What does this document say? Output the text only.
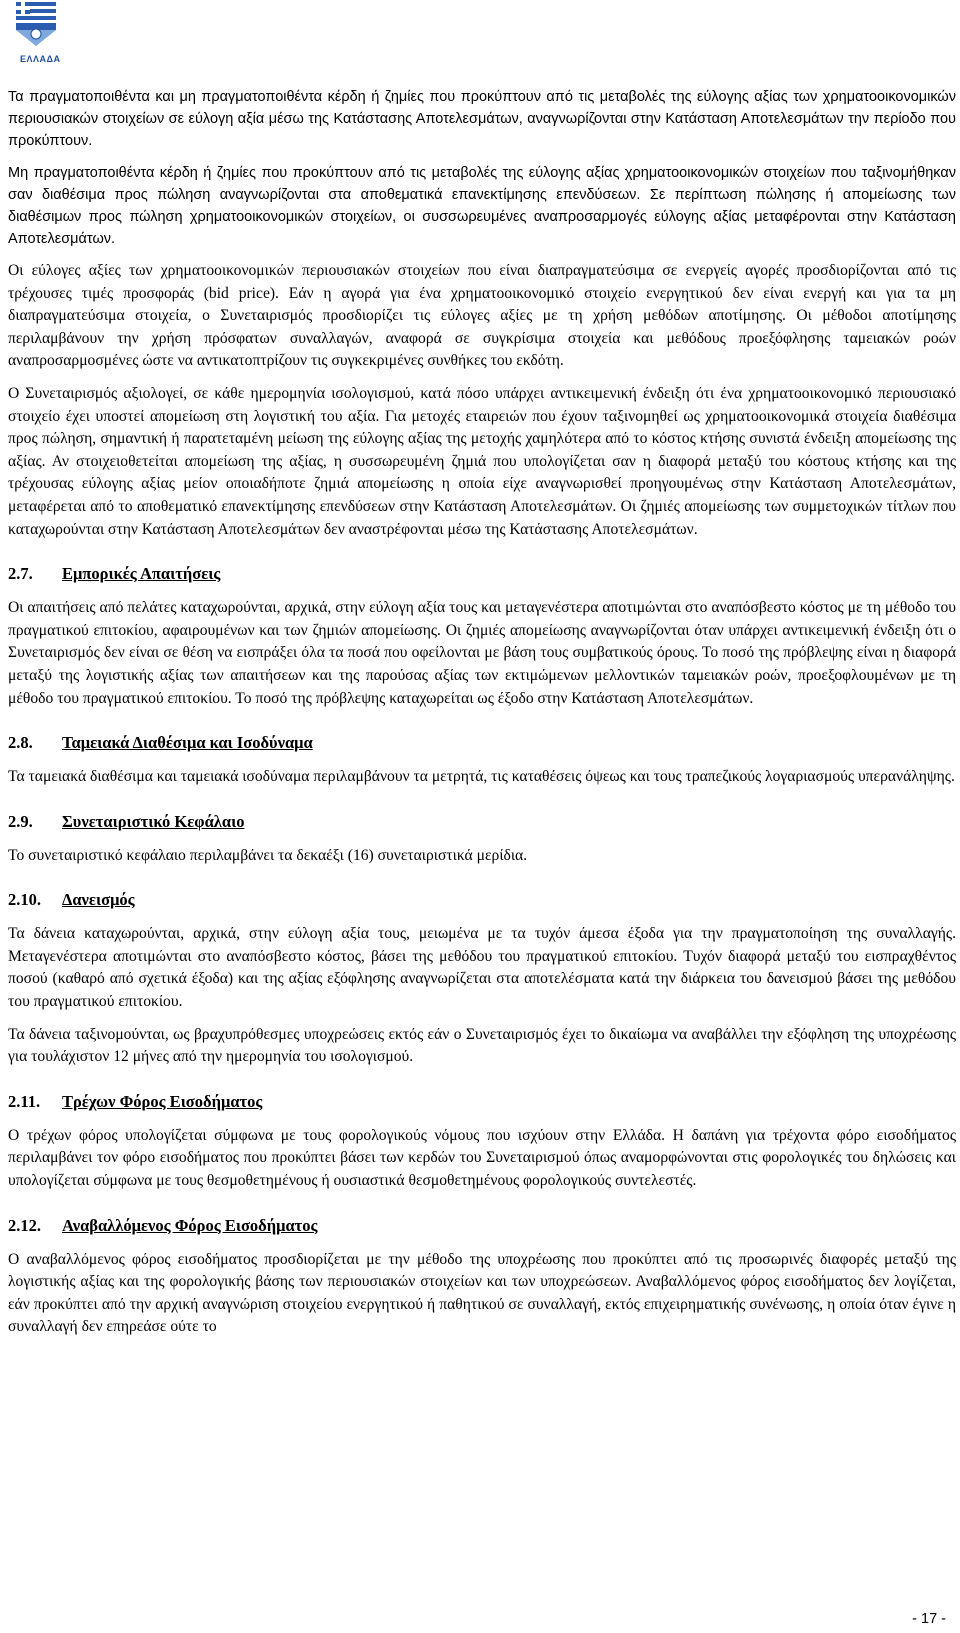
ΕΛΛΑΔΑ

Τα πραγματοποιθέντα και μη πραγματοποιθέντα κέρδη ή ζημίες που προκύπτουν από τις μεταβολές της εύλογης αξίας των χρηματοοικονομικών περιουσιακών στοιχείων σε εύλογη αξία μέσω της Κατάστασης Αποτελεσμάτων, αναγνωρίζονται στην Κατάσταση Αποτελεσμάτων την περίοδο που προκύπτουν.

Μη πραγματοποιθέντα κέρδη ή ζημίες που προκύπτουν από τις μεταβολές της εύλογης αξίας χρηματοοικονομικών στοιχείων που ταξινομήθηκαν σαν διαθέσιμα προς πώληση αναγνωρίζονται στα αποθεματικά επανεκτίμησης επενδύσεων. Σε περίπτωση πώλησης ή απομείωσης των διαθέσιμων προς πώληση χρηματοοικονομικών στοιχείων, οι συσσωρευμένες αναπροσαρμογές εύλογης αξίας μεταφέρονται στην Κατάσταση Αποτελεσμάτων.

Οι εύλογες αξίες των χρηματοοικονομικών περιουσιακών στοιχείων που είναι διαπραγματεύσιμα σε ενεργείς αγορές προσδιορίζονται από τις τρέχουσες τιμές προσφοράς (bid price). Εάν η αγορά για ένα χρηματοοικονομικό στοιχείο ενεργητικού δεν είναι ενεργή και για τα μη διαπραγματεύσιμα στοιχεία, ο Συνεταιρισμός προσδιορίζει τις εύλογες αξίες με τη χρήση μεθόδων αποτίμησης. Οι μέθοδοι αποτίμησης περιλαμβάνουν την χρήση πρόσφατων συναλλαγών, αναφορά σε συγκρίσιμα στοιχεία και μεθόδους προεξόφλησης ταμειακών ροών αναπροσαρμοσμένες ώστε να αντικατοπτρίζουν τις συγκεκριμένες συνθήκες του εκδότη.

Ο Συνεταιρισμός αξιολογεί, σε κάθε ημερομηνία ισολογισμού, κατά πόσο υπάρχει αντικειμενική ένδειξη ότι ένα χρηματοοικονομικό περιουσιακό στοιχείο έχει υποστεί απομείωση στη λογιστική του αξία. Για μετοχές εταιρειών που έχουν ταξινομηθεί ως χρηματοοικονομικά στοιχεία διαθέσιμα προς πώληση, σημαντική ή παρατεταμένη μείωση της εύλογης αξίας της μετοχής χαμηλότερα από το κόστος κτήσης συνιστά ένδειξη απομείωσης της αξίας. Αν στοιχειοθετείται απομείωση της αξίας, η συσσωρευμένη ζημιά που υπολογίζεται σαν η διαφορά μεταξύ του κόστους κτήσης και της τρέχουσας εύλογης αξίας μείον οποιαδήποτε ζημιά απομείωσης η οποία είχε αναγνωρισθεί προηγουμένως στην Κατάσταση Αποτελεσμάτων, μεταφέρεται από το αποθεματικό επανεκτίμησης επενδύσεων στην Κατάσταση Αποτελεσμάτων. Οι ζημιές απομείωσης των συμμετοχικών τίτλων που καταχωρούνται στην Κατάσταση Αποτελεσμάτων δεν αναστρέφονται μέσω της Κατάστασης Αποτελεσμάτων.

2.7. Εμπορικές Απαιτήσεις

Οι απαιτήσεις από πελάτες καταχωρούνται, αρχικά, στην εύλογη αξία τους και μεταγενέστερα αποτιμώνται στο αναπόσβεστο κόστος με τη μέθοδο του πραγματικού επιτοκίου, αφαιρουμένων και των ζημιών απομείωσης. Οι ζημιές απομείωσης αναγνωρίζονται όταν υπάρχει αντικειμενική ένδειξη ότι ο Συνεταιρισμός δεν είναι σε θέση να εισπράξει όλα τα ποσά που οφείλονται με βάση τους συμβατικούς όρους. Το ποσό της πρόβλεψης είναι η διαφορά μεταξύ της λογιστικής αξίας των απαιτήσεων και της παρούσας αξίας των εκτιμώμενων μελλοντικών ταμειακών ροών, προεξοφλουμένων με τη μέθοδο του πραγματικού επιτοκίου. Το ποσό της πρόβλεψης καταχωρείται ως έξοδο στην Κατάσταση Αποτελεσμάτων.

2.8. Ταμειακά Διαθέσιμα και Ισοδύναμα

Τα ταμειακά διαθέσιμα και ταμειακά ισοδύναμα περιλαμβάνουν τα μετρητά, τις καταθέσεις όψεως και τους τραπεζικούς λογαριασμούς υπερανάληψης.

2.9. Συνεταιριστικό Κεφάλαιο

Το συνεταιριστικό κεφάλαιο περιλαμβάνει τα δεκαέξι (16) συνεταιριστικά μερίδια.

2.10. Δανεισμός

Τα δάνεια καταχωρούνται, αρχικά, στην εύλογη αξία τους, μειωμένα με τα τυχόν άμεσα έξοδα για την πραγματοποίηση της συναλλαγής. Μεταγενέστερα αποτιμώνται στο αναπόσβεστο κόστος, βάσει της μεθόδου του πραγματικού επιτοκίου. Τυχόν διαφορά μεταξύ του εισπραχθέντος ποσού (καθαρό από σχετικά έξοδα) και της αξίας εξόφλησης αναγνωρίζεται στα αποτελέσματα κατά την διάρκεια του δανεισμού βάσει της μεθόδου του πραγματικού επιτοκίου.

Τα δάνεια ταξινομούνται, ως βραχυπρόθεσμες υποχρεώσεις εκτός εάν ο Συνεταιρισμός έχει το δικαίωμα να αναβάλλει την εξόφληση της υποχρέωσης για τουλάχιστον 12 μήνες από την ημερομηνία του ισολογισμού.

2.11. Τρέχων Φόρος Εισοδήματος

Ο τρέχων φόρος υπολογίζεται σύμφωνα με τους φορολογικούς νόμους που ισχύουν στην Ελλάδα. Η δαπάνη για τρέχοντα φόρο εισοδήματος περιλαμβάνει τον φόρο εισοδήματος που προκύπτει βάσει των κερδών του Συνεταιρισμού όπως αναμορφώνονται στις φορολογικές του δηλώσεις και υπολογίζεται σύμφωνα με τους θεσμοθετημένους ή ουσιαστικά θεσμοθετημένους φορολογικούς συντελεστές.

2.12. Αναβαλλόμενος Φόρος Εισοδήματος

Ο αναβαλλόμενος φόρος εισοδήματος προσδιορίζεται με την μέθοδο της υποχρέωσης που προκύπτει από τις προσωρινές διαφορές μεταξύ της λογιστικής αξίας και της φορολογικής βάσης των περιουσιακών στοιχείων και των υποχρεώσεων. Αναβαλλόμενος φόρος εισοδήματος δεν λογίζεται, εάν προκύπτει από την αρχική αναγνώριση στοιχείου ενεργητικού ή παθητικού σε συναλλαγή, εκτός επιχειρηματικής συνένωσης, η οποία όταν έγινε η συναλλαγή δεν επηρεάσε ούτε το

- 17 -
